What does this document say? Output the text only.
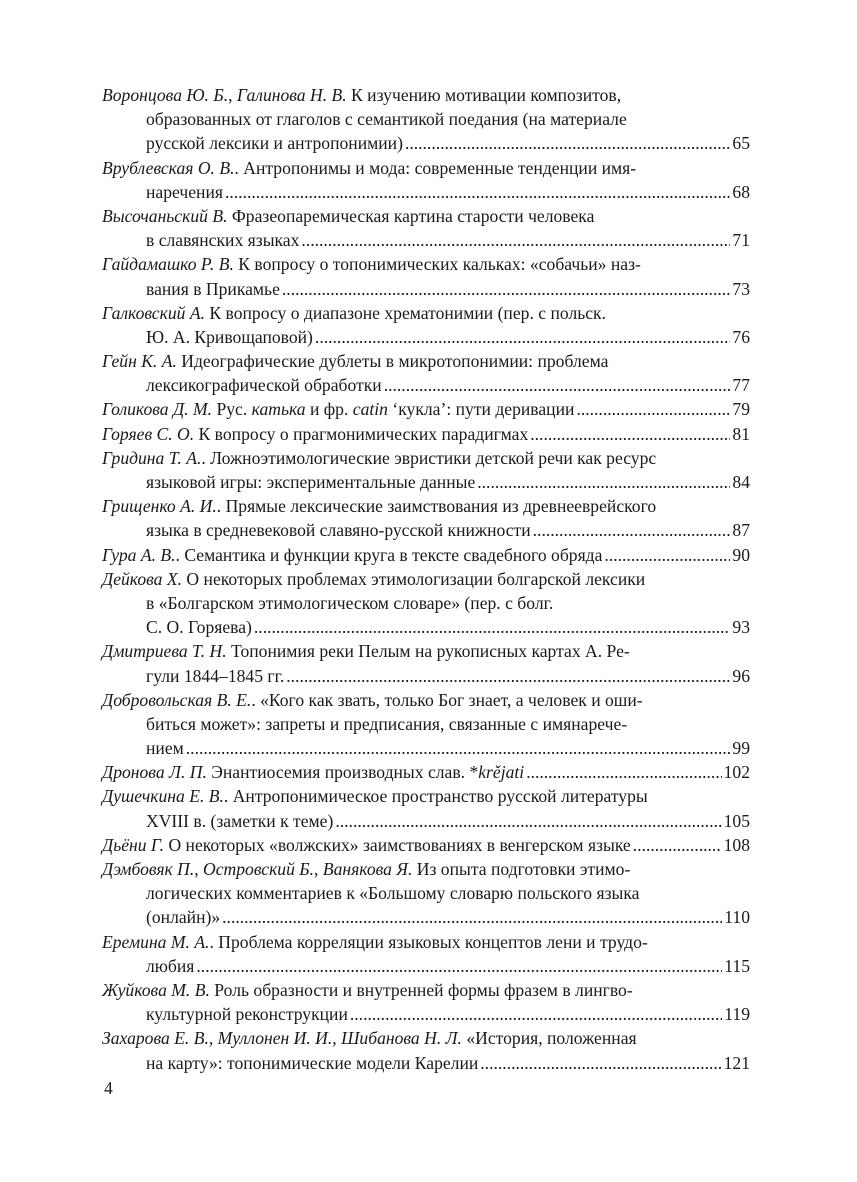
Воронцова Ю. Б., Галинова Н. В. К изучению мотивации композитов,
образованных от глаголов с семантикой поедания (на материале
русской лексики и антропонимии) .....	65
Врублевская О. В.. Антропонимы и мода: современные тенденции имя-
наречения .....	68
Высочаньский В. Фразеопаремическая картина старости человека
в славянских языках .....	71
Гайдамашко Р. В. К вопросу о топонимических кальках: «собачьи» наз-
вания в Прикамье .....	73
Галковский А. К вопросу о диапазоне хрематонимии (пер. с польск.
Ю. А. Кривощаповой) .....	76
Гейн К. А. Идеографические дублеты в микротопонимии: проблема
лексикографической обработки .....	77
Голикова Д. М. Рус. катька и фр. catin ‘кукла’: пути деривации .....	79
Горяев С. О. К вопросу о прагмонимических парадигмах .....	81
Гридина Т. А.. Ложноэтимологические эвристики детской речи как ресурс
языковой игры: экспериментальные данные .....	84
Грищенко А. И.. Прямые лексические заимствования из древнееврейского
языка в средневековой славяно-русской книжности .....	87
Гура А. В.. Семантика и функции круга в тексте свадебного обряда .....	90
Дейкова Х. О некоторых проблемах этимологизации болгарской лексики
в «Болгарском этимологическом словаре» (пер. с болг.
С. О. Горяева) .....	93
Дмитриева Т. Н. Топонимия реки Пелым на рукописных картах А. Ре-
гули 1844–1845 гг. .....	96
Добровольская В. Е.. «Кого как звать, только Бог знает, а человек и оши-
биться может»: запреты и предписания, связанные с имянарече-
нием .....	99
Дронова Л. П. Энантиосемия производных слав. *krějati .....	102
Душечкина Е. В.. Антропонимическое пространство русской литературы
XVIII в. (заметки к теме) .....	105
Дьёни Г. О некоторых «волжских» заимствованиях в венгерском языке .....	108
Дэмбовяк П., Островский Б., Ванякова Я. Из опыта подготовки этимо-
логических комментариев к «Большому словарю польского языка
(онлайн)» .....	110
Еремина М. А.. Проблема корреляции языковых концептов лени и трудо-
любия .....	115
Жуйкова М. В. Роль образности и внутренней формы фразем в лингво-
культурной реконструкции .....	119
Захарова Е. В., Муллонен И. И., Шибанова Н. Л. «История, положенная
на карту»: топонимические модели Карелии .....	121
4
